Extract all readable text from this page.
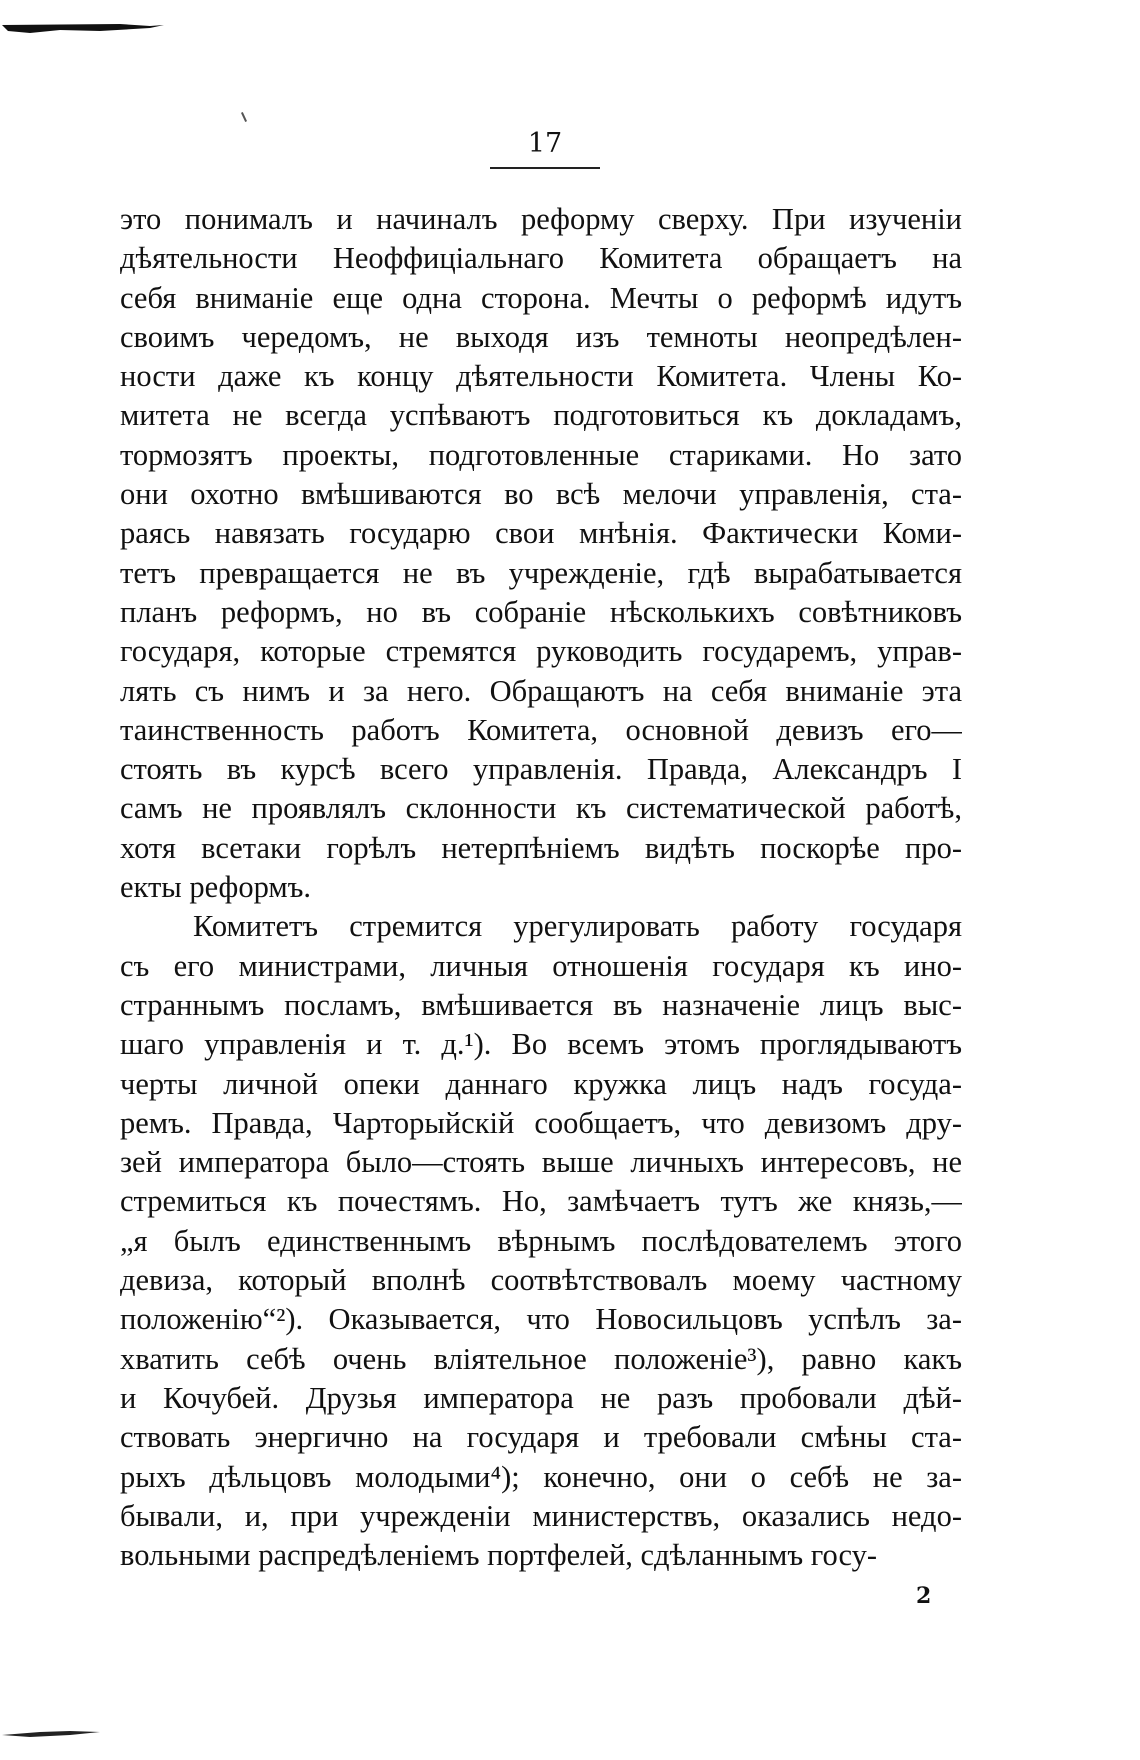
17
это понималъ и начиналъ реформу сверху. При изученіи
дѣятельности Неоффиціальнаго Комитета обращаетъ на
себя вниманіе еще одна сторона. Мечты о реформѣ идутъ
своимъ чередомъ, не выходя изъ темноты неопредѣлен-
ности даже къ концу дѣятельности Комитета. Члены Ко-
митета не всегда успѣваютъ подготовиться къ докладамъ,
тормозятъ проекты, подготовленные стариками. Но зато
они охотно вмѣшиваются во всѣ мелочи управленія, ста-
раясь навязать государю свои мнѣнія. Фактически Коми-
тетъ превращается не въ учрежденіе, гдѣ вырабатывается
планъ реформъ, но въ собраніе нѣсколькихъ совѣтниковъ
государя, которые стремятся руководить государемъ, управ-
лять съ нимъ и за него. Обращаютъ на себя вниманіе эта
таинственность работъ Комитета, основной девизъ его—
стоять въ курсѣ всего управленія. Правда, Александръ I
самъ не проявлялъ склонности къ систематической работѣ,
хотя всетаки горѣлъ нетерпѣніемъ видѣть поскорѣе про-
екты реформъ.
Комитетъ стремится урегулировать работу государя
съ его министрами, личныя отношенія государя къ ино-
страннымъ посламъ, вмѣшивается въ назначеніе лицъ выс-
шаго управленія и т. д.¹). Во всемъ этомъ проглядываютъ
черты личной опеки даннаго кружка лицъ надъ госуда-
ремъ. Правда, Чарторыйскій сообщаетъ, что девизомъ дру-
зей императора было—стоять выше личныхъ интересовъ, не
стремиться къ почестямъ. Но, замѣчаетъ тутъ же князь,—
„я былъ единственнымъ вѣрнымъ послѣдователемъ этого
девиза, который вполнѣ соотвѣтствовалъ моему частному
положенію“²). Оказывается, что Новосильцовъ успѣлъ за-
хватить себѣ очень вліятельное положеніе³), равно какъ
и Кочубей. Друзья императора не разъ пробовали дѣй-
ствовать энергично на государя и требовали смѣны ста-
рыхъ дѣльцовъ молодыми⁴); конечно, они о себѣ не за-
бывали, и, при учрежденіи министерствъ, оказались недо-
вольными распредѣленіемъ портфелей, сдѣланнымъ госу-
2
